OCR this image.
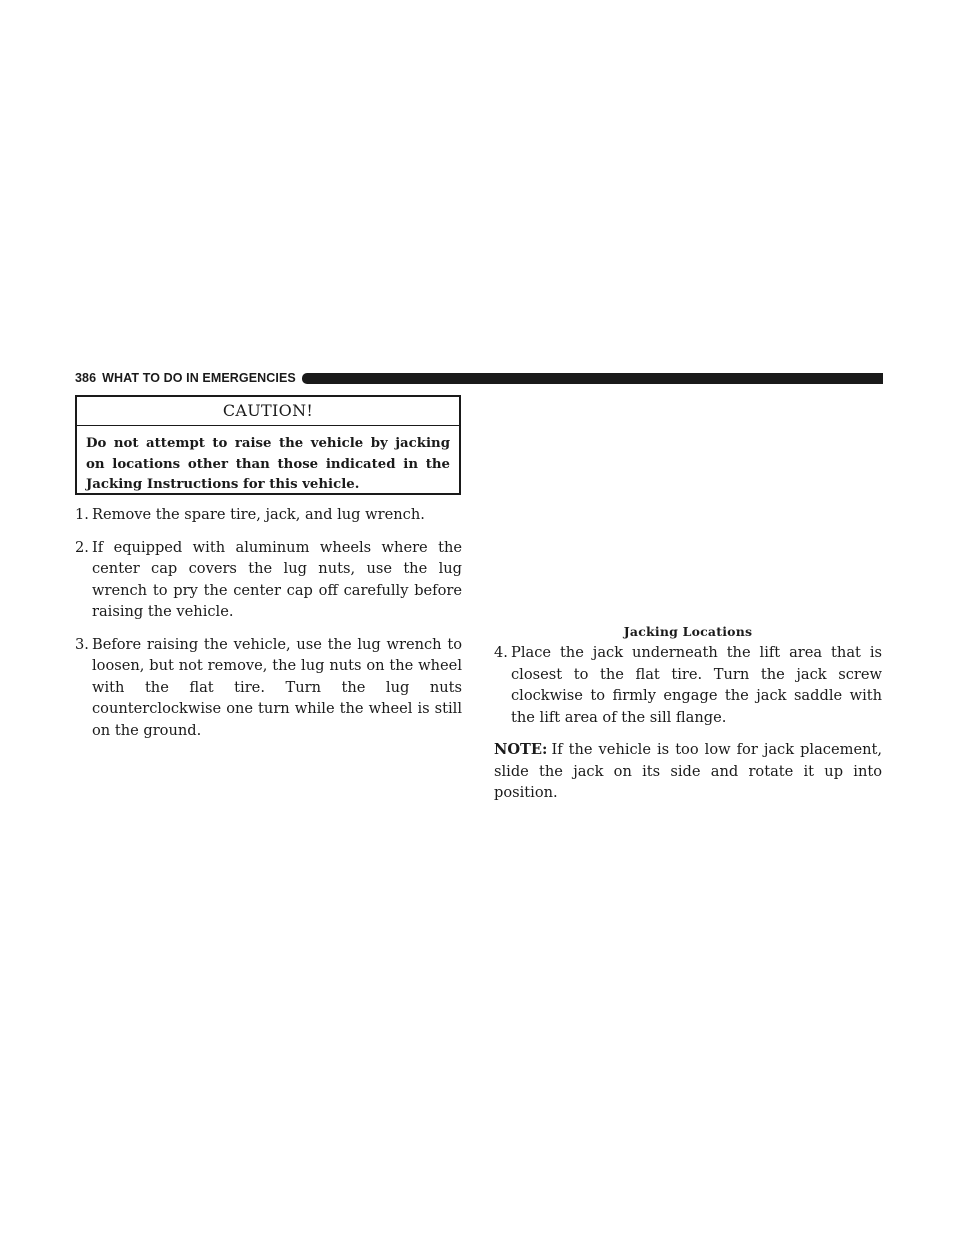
386 WHAT TO DO IN EMERGENCIES
CAUTION!
Do not attempt to raise the vehicle by jacking on locations other than those indicated in the Jacking Instructions for this vehicle.

1. Remove the spare tire, jack, and lug wrench.

2. If equipped with aluminum wheels where the center cap covers the lug nuts, use the lug wrench to pry the center cap off carefully before raising the vehicle.

3. Before raising the vehicle, use the lug wrench to loosen, but not remove, the lug nuts on the wheel with the flat tire. Turn the lug nuts counterclockwise one turn while the wheel is still on the ground.

Jacking Locations

4. Place the jack underneath the lift area that is closest to the flat tire. Turn the jack screw clockwise to firmly engage the jack saddle with the lift area of the sill flange.

NOTE: If the vehicle is too low for jack placement, slide the jack on its side and rotate it up into position.
